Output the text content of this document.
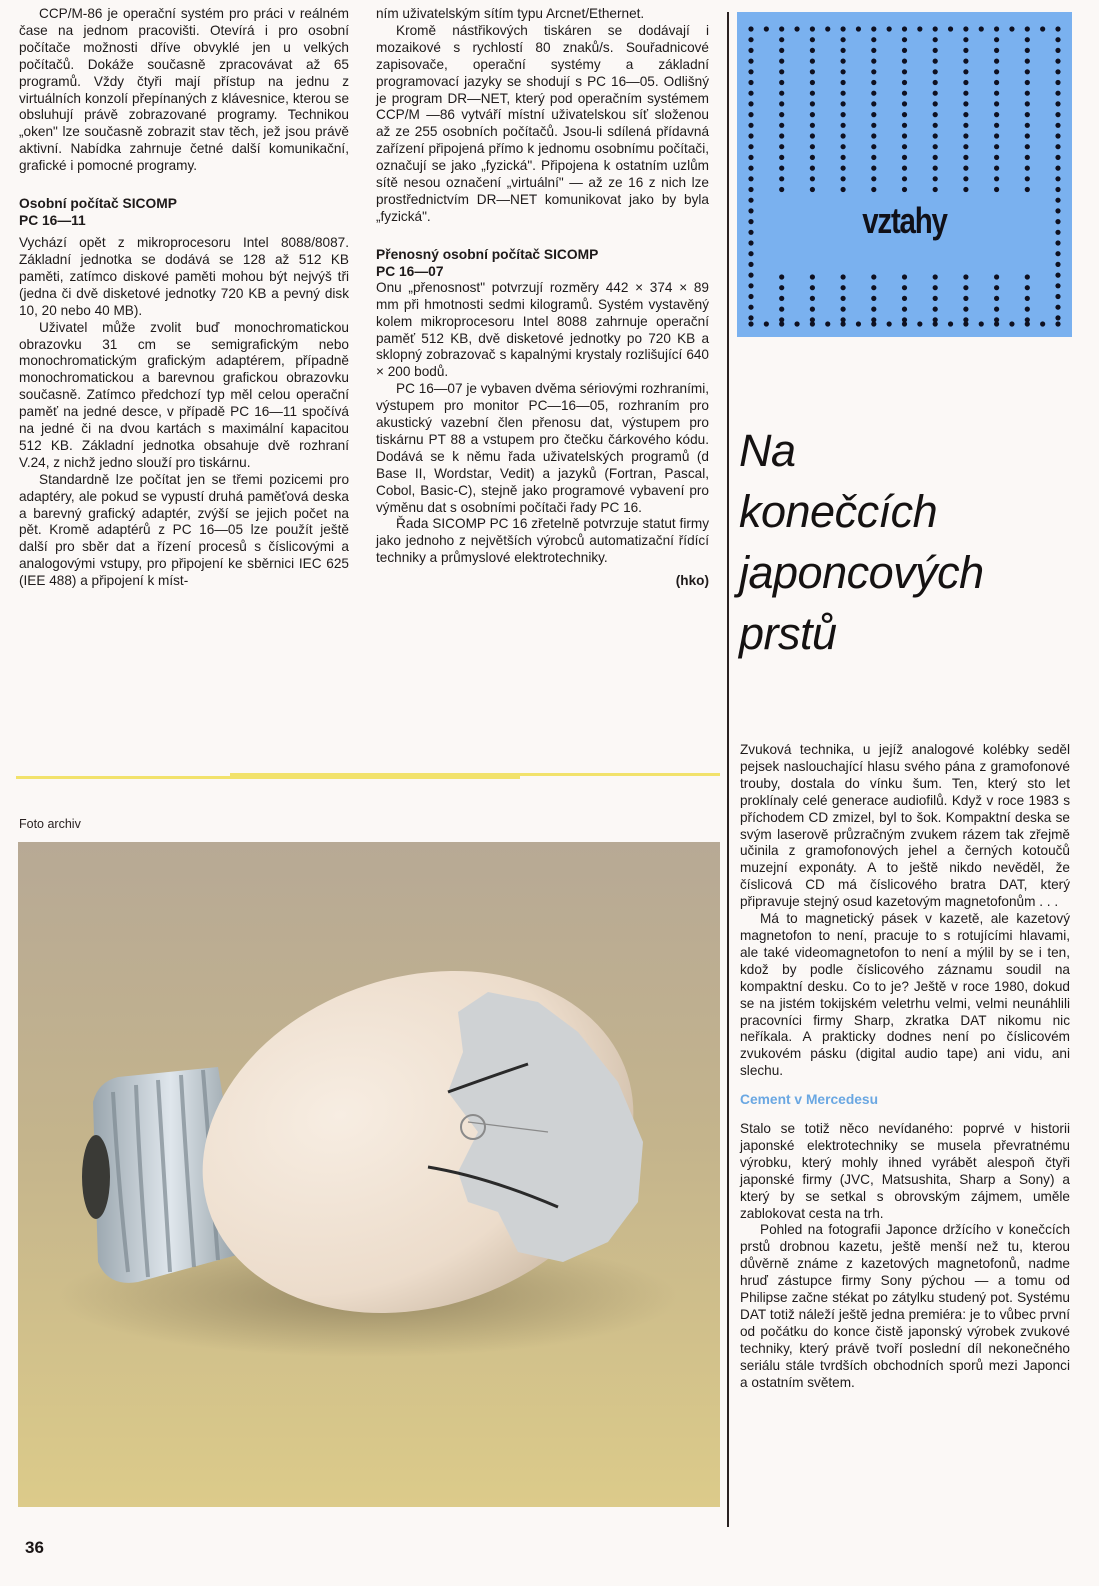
CCP/M-86 je operační systém pro práci v reálném čase na jednom pracovišti. Otevírá i pro osobní počítače možnosti dříve obvyklé jen u velkých počítačů. Dokáže současně zpracovávat až 65 programů. Vždy čtyři mají přístup na jednu z virtuálních konzolí přepínaných z klávesnice, kterou se obsluhují právě zobrazované programy. Technikou „oken" lze současně zobrazit stav těch, jež jsou právě aktivní. Nabídka zahrnuje četné další komunikační, grafické i pomocné programy.

Osobní počítač SICOMP
PC 16—11

Vychází opět z mikroprocesoru Intel 8088/8087. Základní jednotka se dodává se 128 až 512 KB paměti, zatímco diskové paměti mohou být nejvýš tři (jedna či dvě disketové jednotky 720 KB a pevný disk 10, 20 nebo 40 MB).

Uživatel může zvolit buď monochromatickou obrazovku 31 cm se semigrafickým nebo monochromatickým grafickým adaptérem, případně monochromatickou a barevnou grafickou obrazovku současně. Zatímco předchozí typ měl celou operační paměť na jedné desce, v případě PC 16—11 spočívá na jedné či na dvou kartách s maximální kapacitou 512 KB. Základní jednotka obsahuje dvě rozhraní V.24, z nichž jedno slouží pro tiskárnu.

Standardně lze počítat jen se třemi pozicemi pro adaptéry, ale pokud se vypustí druhá paměťová deska a barevný grafický adaptér, zvýší se jejich počet na pět. Kromě adaptérů z PC 16—05 lze použít ještě další pro sběr dat a řízení procesů s číslicovými a analogovými vstupy, pro připojení ke sběrnici IEC 625 (IEE 488) a připojení k míst-

ním uživatelským sítím typu Arcnet/Ethernet.

Kromě nástřikových tiskáren se dodávají i mozaikové s rychlostí 80 znaků/s. Souřadnicové zapisovače, operační systémy a základní programovací jazyky se shodují s PC 16—05. Odlišný je program DR—NET, který pod operačním systémem CCP/M —86 vytváří místní uživatelskou síť složenou až ze 255 osobních počítačů. Jsou-li sdílená přídavná zařízení připojená přímo k jednomu osobnímu počítači, označují se jako „fyzická". Připojena k ostatním uzlům sítě nesou označení „virtuální" — až ze 16 z nich lze prostřednictvím DR—NET komunikovat jako by byla „fyzická".

Přenosný osobní počítač SICOMP
PC 16—07

Onu „přenosnost" potvrzují rozměry 442 × 374 × 89 mm při hmotnosti sedmi kilogramů. Systém vystavěný kolem mikroprocesoru Intel 8088 zahrnuje operační paměť 512 KB, dvě disketové jednotky po 720 KB a sklopný zobrazovač s kapalnými krystaly rozlišující 640 × 200 bodů.

PC 16—07 je vybaven dvěma sériovými rozhraními, výstupem pro monitor PC—16—05, rozhraním pro akustický vazební člen přenosu dat, výstupem pro tiskárnu PT 88 a vstupem pro čtečku čárkového kódu. Dodává se k němu řada uživatelských programů (d Base II, Wordstar, Vedit) a jazyků (Fortran, Pascal, Cobol, Basic-C), stejně jako programové vybavení pro výměnu dat s osobními počítači řady PC 16.

Řada SICOMP PC 16 zřetelně potvrzuje statut firmy jako jednoho z největších výrobců automatizační řídící techniky a průmyslové elektrotechniky.

(hko)
vztahy
Na
konečcích
japoncových
prstů

Zvuková technika, u jejíž analogové kolébky seděl pejsek naslouchající hlasu svého pána z gramofonové trouby, dostala do vínku šum. Ten, který sto let proklínaly celé generace audiofilů. Když v roce 1983 s příchodem CD zmizel, byl to šok. Kompaktní deska se svým laserově průzračným zvukem rázem tak zřejmě učinila z gramofonových jehel a černých kotoučů muzejní exponáty. A to ještě nikdo nevěděl, že číslicová CD má číslicového bratra DAT, který připravuje stejný osud kazetovým magnetofonům . . .

Má to magnetický pásek v kazetě, ale kazetový magnetofon to není, pracuje to s rotujícími hlavami, ale také videomagnetofon to není a mýlil by se i ten, kdož by podle číslicového záznamu soudil na kompaktní desku. Co to je? Ještě v roce 1980, dokud se na jistém tokijském veletrhu velmi, velmi neunáhlili pracovníci firmy Sharp, zkratka DAT nikomu nic neříkala. A prakticky dodnes není po číslicovém zvukovém pásku (digital audio tape) ani vidu, ani slechu.

Cement v Mercedesu

Stalo se totiž něco nevídaného: poprvé v historii japonské elektrotechniky se musela převratnému výrobku, který mohly ihned vyrábět alespoň čtyři japonské firmy (JVC, Matsushita, Sharp a Sony) a který by se setkal s obrovským zájmem, uměle zablokovat cesta na trh.

Pohled na fotografii Japonce držícího v konečcích prstů drobnou kazetu, ještě menší než tu, kterou důvěrně známe z kazetových magnetofonů, nadme hruď zástupce firmy Sony pýchou — a tomu od Philipse začne stékat po zátylku studený pot. Systému DAT totiž náleží ještě jedna premiéra: je to vůbec první od počátku do konce čistě japonský výrobek zvukové techniky, který právě tvoří poslední díl nekonečného seriálu stále tvrdších obchodních sporů mezi Japonci a ostatním světem.

Foto archiv
36
